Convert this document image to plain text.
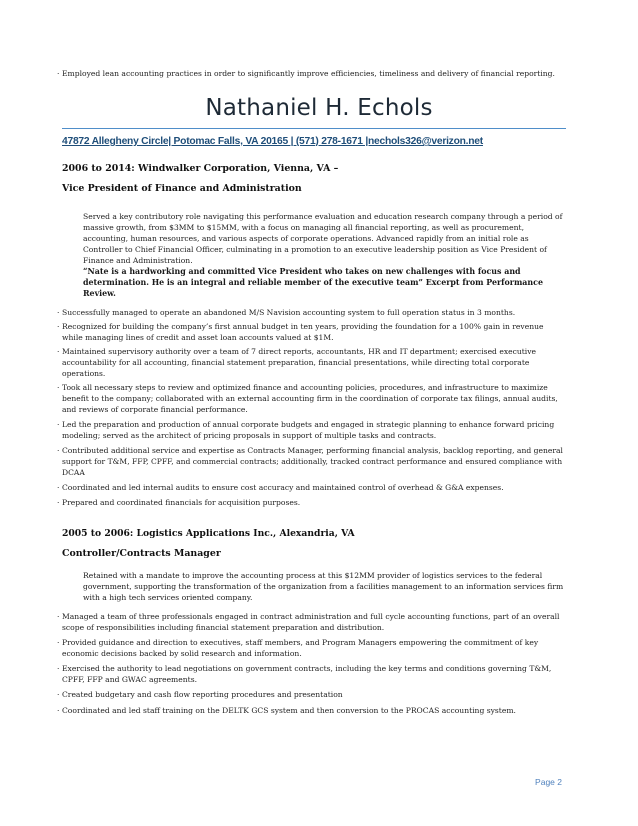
· Employed lean accounting practices in order to significantly improve efficiencies, timeliness and delivery of financial reporting.
Nathaniel H. Echols
47872 Allegheny Circle| Potomac Falls, VA 20165 | (571) 278-1671 |nechols326@verizon.net
2006 to 2014: Windwalker Corporation, Vienna, VA –
Vice President of Finance and Administration
Served a key contributory role navigating this performance evaluation and education research company through a period of massive growth, from $3MM to $15MM, with a focus on managing all financial reporting, as well as procurement, accounting, human resources, and various aspects of corporate operations. Advanced rapidly from an initial role as Controller to Chief Financial Officer, culminating in a promotion to an executive leadership position as Vice President of Finance and Administration.
“Nate is a hardworking and committed Vice President who takes on new challenges with focus and determination. He is an integral and reliable member of the executive team” Excerpt from Performance Review.
· Successfully managed to operate an abandoned M/S Navision accounting system to full operation status in 3 months.
· Recognized for building the company’s first annual budget in ten years, providing the foundation for a 100% gain in revenue while managing lines of credit and asset loan accounts valued at $1M.
· Maintained supervisory authority over a team of 7 direct reports, accountants, HR and IT department; exercised executive accountability for all accounting, financial statement preparation, financial presentations, while directing total corporate operations.
· Took all necessary steps to review and optimized finance and accounting policies, procedures, and infrastructure to maximize benefit to the company; collaborated with an external accounting firm in the coordination of corporate tax filings, annual audits, and reviews of corporate financial performance.
· Led the preparation and production of annual corporate budgets and engaged in strategic planning to enhance forward pricing modeling; served as the architect of pricing proposals in support of multiple tasks and contracts.
· Contributed additional service and expertise as Contracts Manager, performing financial analysis, backlog reporting, and general support for T&M, FFP, CPFF, and commercial contracts; additionally, tracked contract performance and ensured compliance with DCAA
· Coordinated and led internal audits to ensure cost accuracy and maintained control of overhead & G&A expenses.
· Prepared and coordinated financials for acquisition purposes.
2005 to 2006: Logistics Applications Inc., Alexandria, VA
Controller/Contracts Manager
Retained with a mandate to improve the accounting process at this $12MM provider of logistics services to the federal government, supporting the transformation of the organization from a facilities management to an information services firm with a high tech services oriented company.
· Managed a team of three professionals engaged in contract administration and full cycle accounting functions, part of an overall scope of responsibilities including financial statement preparation and distribution.
· Provided guidance and direction to executives, staff members, and Program Managers empowering the commitment of key economic decisions backed by solid research and information.
· Exercised the authority to lead negotiations on government contracts, including the key terms and conditions governing T&M, CPFF, FFP and GWAC agreements.
· Created budgetary and cash flow reporting procedures and presentation
· Coordinated and led staff training on the DELTK GCS system and then conversion to the PROCAS accounting system.
Page 2
